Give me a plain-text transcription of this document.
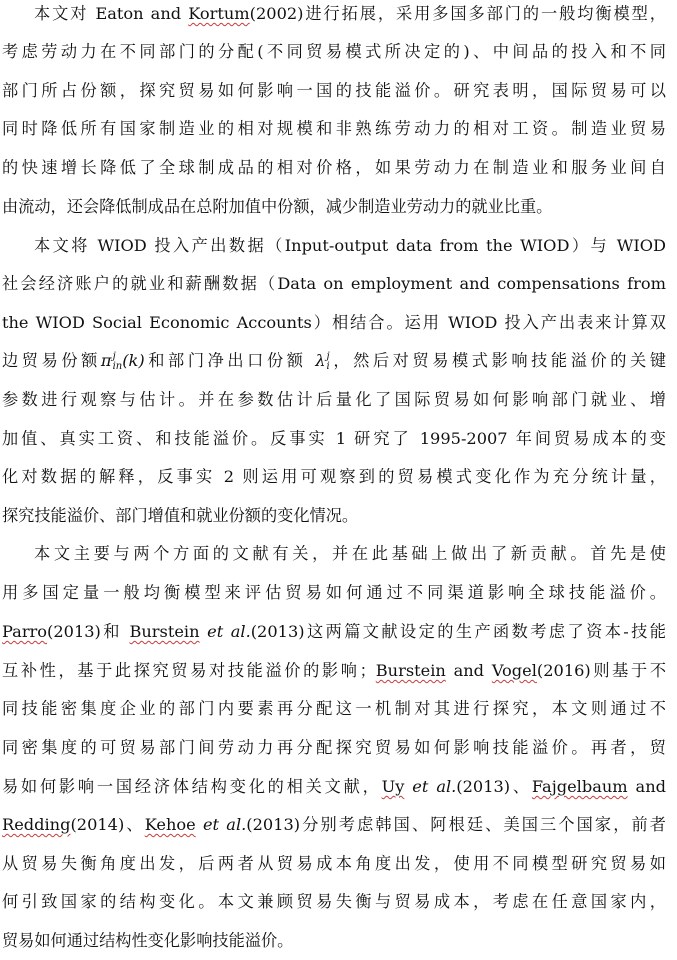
本文对 Eaton and Kortum(2002)进行拓展，采用多国多部门的一般均衡模型，
考虑劳动力在不同部门的分配(不同贸易模式所决定的)、中间品的投入和不同
部门所占份额，探究贸易如何影响一国的技能溢价。研究表明，国际贸易可以
同时降低所有国家制造业的相对规模和非熟练劳动力的相对工资。制造业贸易
的快速增长降低了全球制成品的相对价格，如果劳动力在制造业和服务业间自
由流动，还会降低制成品在总附加值中份额，减少制造业劳动力的就业比重。
本文将 WIOD 投入产出数据（Input-output data from the WIOD）与 WIOD
社会经济账户的就业和薪酬数据（Data on employment and compensations from
the WIOD Social Economic Accounts）相结合。运用 WIOD 投入产出表来计算双
边贸易份额π j
in (k)和部门净出口份额 λ j
i ，然后对贸易模式影响技能溢价的关键
参数进行观察与估计。并在参数估计后量化了国际贸易如何影响部门就业、增
加值、真实工资、和技能溢价。反事实 1 研究了 1995-2007 年间贸易成本的变
化对数据的解释，反事实 2 则运用可观察到的贸易模式变化作为充分统计量，
探究技能溢价、部门增值和就业份额的变化情况。
本文主要与两个方面的文献有关，并在此基础上做出了新贡献。首先是使
用多国定量一般均衡模型来评估贸易如何通过不同渠道影响全球技能溢价。
Parro(2013)和 Burstein et al.(2013)这两篇文献设定的生产函数考虑了资本-技能
互补性，基于此探究贸易对技能溢价的影响；Burstein and Vogel(2016)则基于不
同技能密集度企业的部门内要素再分配这一机制对其进行探究，本文则通过不
同密集度的可贸易部门间劳动力再分配探究贸易如何影响技能溢价。再者，贸
易如何影响一国经济体结构变化的相关文献，Uy et al.(2013)、Fajgelbaum and
Redding(2014)、Kehoe et al.(2013)分别考虑韩国、阿根廷、美国三个国家，前者
从贸易失衡角度出发，后两者从贸易成本角度出发，使用不同模型研究贸易如
何引致国家的结构变化。本文兼顾贸易失衡与贸易成本，考虑在任意国家内，
贸易如何通过结构性变化影响技能溢价。
